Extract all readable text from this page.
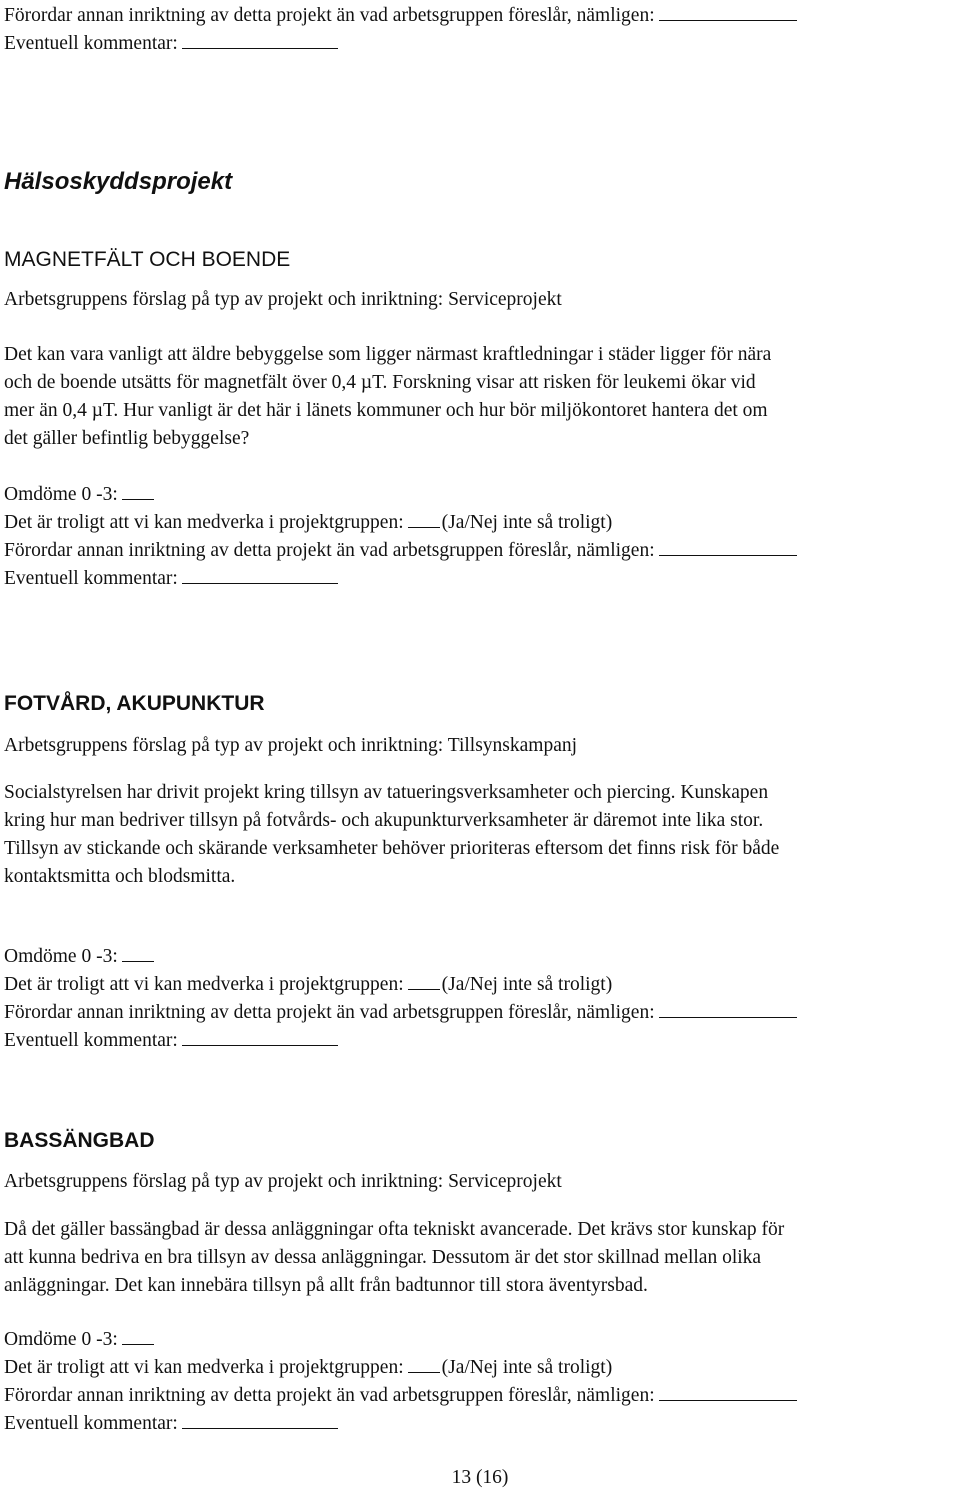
Förordar annan inriktning av detta projekt än vad arbetsgruppen föreslår, nämligen:
Eventuell kommentar:
Hälsoskyddsprojekt
MAGNETFÄLT OCH BOENDE
Arbetsgruppens förslag på typ av projekt och inriktning: Serviceprojekt
Det kan vara vanligt att äldre bebyggelse som ligger närmast kraftledningar i städer ligger för nära
och de boende utsätts för magnetfält över 0,4 µT. Forskning visar att risken för leukemi ökar vid
mer än 0,4 µT. Hur vanligt är det här i länets kommuner och hur bör miljökontoret hantera det om
det gäller befintlig bebyggelse?
Omdöme 0 -3:
Det är troligt att vi kan medverka i projektgruppen: (Ja/Nej inte så troligt)
Förordar annan inriktning av detta projekt än vad arbetsgruppen föreslår, nämligen:
Eventuell kommentar:
FOTVÅRD, AKUPUNKTUR
Arbetsgruppens förslag på typ av projekt och inriktning: Tillsynskampanj
Socialstyrelsen har drivit projekt kring tillsyn av tatueringsverksamheter och piercing. Kunskapen
kring hur man bedriver tillsyn på fotvårds- och akupunkturverksamheter är däremot inte lika stor.
Tillsyn av stickande och skärande verksamheter behöver prioriteras eftersom det finns risk för både
kontaktsmitta och blodsmitta.
Omdöme 0 -3:
Det är troligt att vi kan medverka i projektgruppen: (Ja/Nej inte så troligt)
Förordar annan inriktning av detta projekt än vad arbetsgruppen föreslår, nämligen:
Eventuell kommentar:
BASSÄNGBAD
Arbetsgruppens förslag på typ av projekt och inriktning: Serviceprojekt
Då det gäller bassängbad är dessa anläggningar ofta tekniskt avancerade. Det krävs stor kunskap för
att kunna bedriva en bra tillsyn av dessa anläggningar. Dessutom är det stor skillnad mellan olika
anläggningar. Det kan innebära tillsyn på allt från badtunnor till stora äventyrsbad.
Omdöme 0 -3:
Det är troligt att vi kan medverka i projektgruppen: (Ja/Nej inte så troligt)
Förordar annan inriktning av detta projekt än vad arbetsgruppen föreslår, nämligen:
Eventuell kommentar:
13 (16)
